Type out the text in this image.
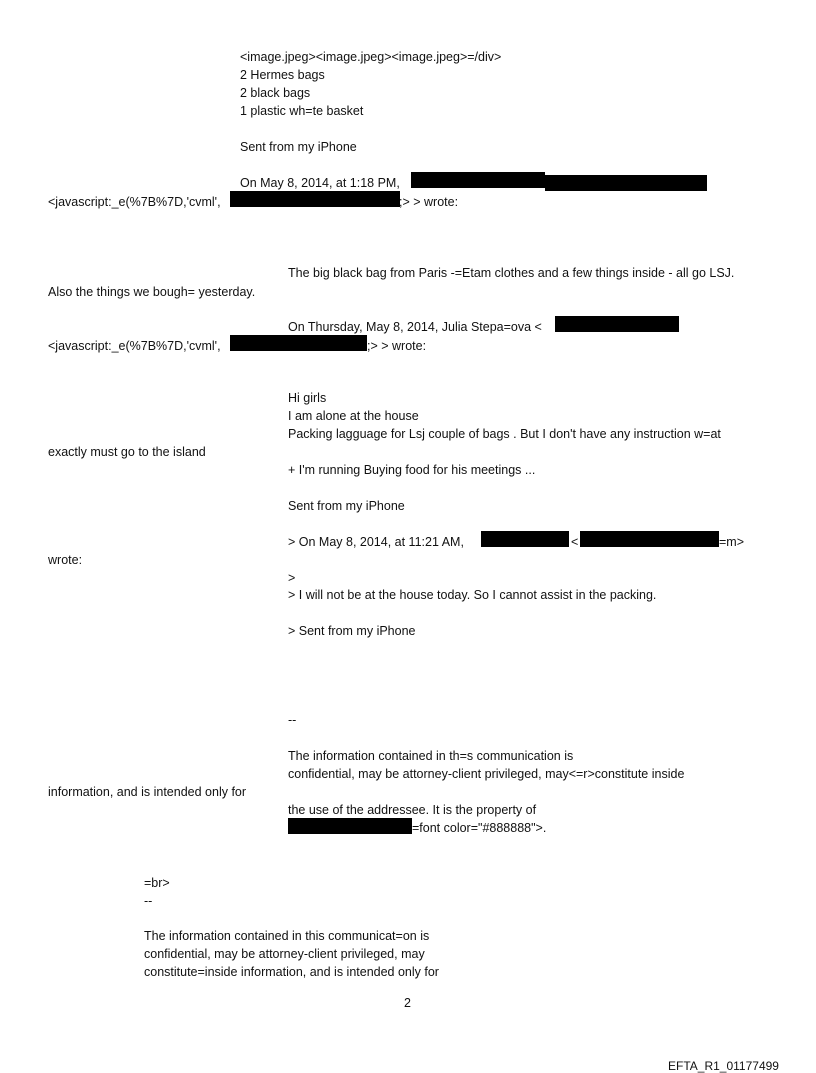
<image.jpeg><image.jpeg><image.jpeg>=/div>
2 Hermes bags
2 black bags
1 plastic wh=te basket
Sent from my iPhone
On May 8, 2014, at 1:18 PM,
<javascript:_e(%7B%7D,'cvml',	;> > wrote:
The big black bag from Paris -=Etam clothes and a few things inside - all go LSJ.
Also the things we bough= yesterday.
On Thursday, May 8, 2014, Julia Stepa=ova <
<javascript:_e(%7B%7D,'cvml',	;> > wrote:
Hi girls
I am alone at the house
Packing lagguage for Lsj couple of bags . But I don't have any instruction w=at
exactly must go to the island
+ I'm running Buying food for his meetings ...
Sent from my iPhone
> On May 8, 2014, at 11:21 AM,	<	=m>
wrote:
>
> I will not be at the house today. So I cannot assist in the packing.
> Sent from my iPhone
--
The information contained in th=s communication is
confidential, may be attorney-client privileged, may<=r>constitute inside
information, and is intended only for
the use of the addressee. It is the property of
=font color="#888888">.
=br>
--
The information contained in this communicat=on is
confidential, may be attorney-client privileged, may
constitute=inside information, and is intended only for
2
EFTA_R1_01177499
